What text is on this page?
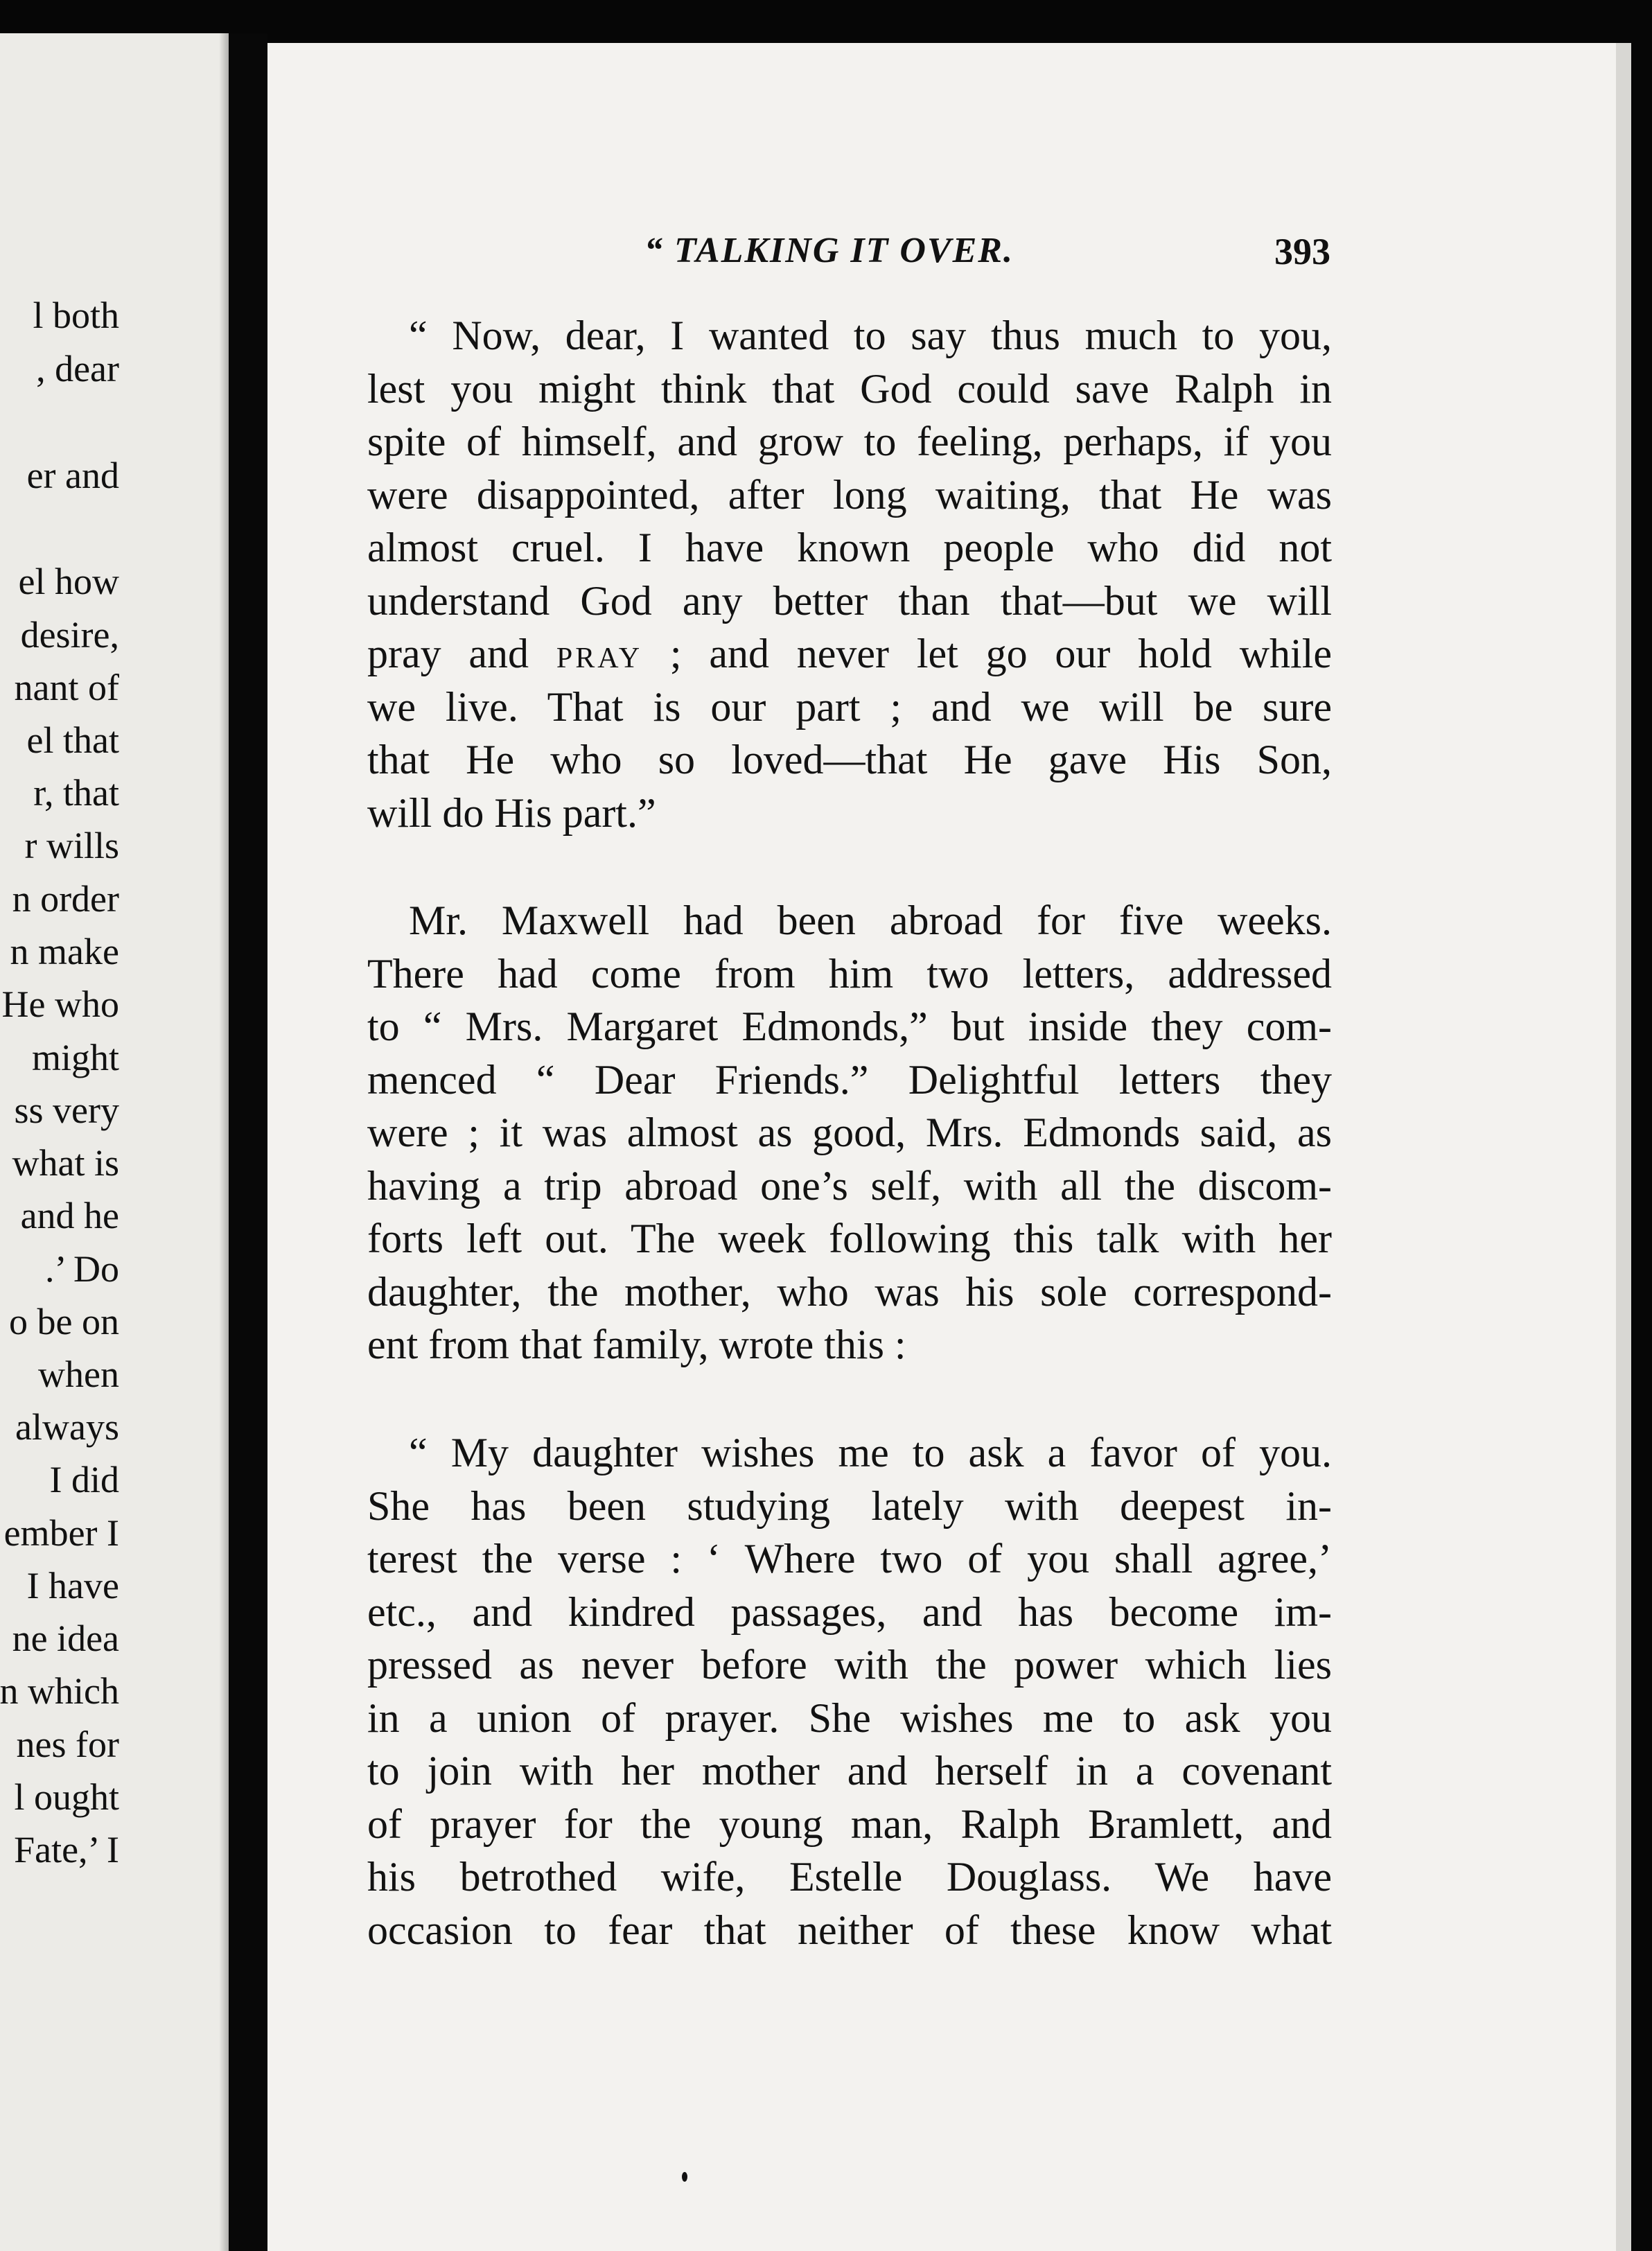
l both
, dear
er and
el how
desire,
nant of
el that
r, that
r wills
n order
n make
He who
might
ss very
what is
and he
.’ Do
o be on
when
always
I did
ember I
I have
ne idea
n which
nes for
l ought
Fate,’ I
“ TALKING IT OVER.	393
“ Now, dear, I wanted to say thus much to you,
lest you might think that God could save Ralph in
spite of himself, and grow to feeling, perhaps, if you
were disappointed, after long waiting, that He was
almost cruel. I have known people who did not
understand God any better than that—but we will
pray and pray ; and never let go our hold while
we live. That is our part ; and we will be sure
that He who so loved—that He gave His Son,
will do His part.”
Mr. Maxwell had been abroad for five weeks.
There had come from him two letters, addressed
to “ Mrs. Margaret Edmonds,” but inside they com-
menced “ Dear Friends.” Delightful letters they
were ; it was almost as good, Mrs. Edmonds said, as
having a trip abroad one’s self, with all the discom-
forts left out. The week following this talk with her
daughter, the mother, who was his sole correspond-
ent from that family, wrote this :
“ My daughter wishes me to ask a favor of you.
She has been studying lately with deepest in-
terest the verse : ‘ Where two of you shall agree,’
etc., and kindred passages, and has become im-
pressed as never before with the power which lies
in a union of prayer. She wishes me to ask you
to join with her mother and herself in a covenant
of prayer for the young man, Ralph Bramlett, and
his betrothed wife, Estelle Douglass. We have
occasion to fear that neither of these know what
